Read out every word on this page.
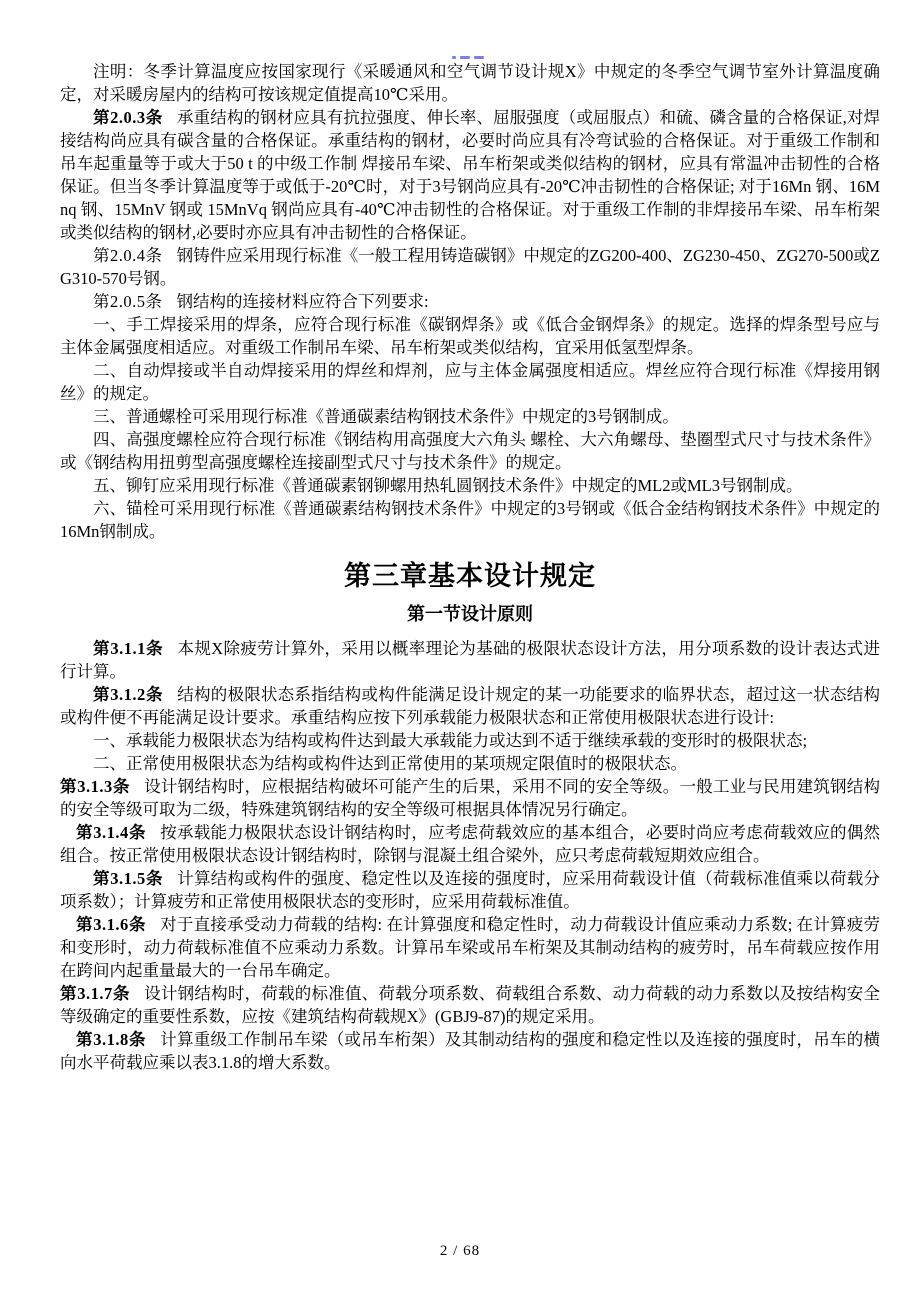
注明：冬季计算温度应按国家现行《采暖通风和空气调节设计规X》中规定的冬季空气调节室外计算温度确定，对采暖房屋内的结构可按该规定值提高10℃采用。

第2.0.3条 承重结构的钢材应具有抗拉强度、伸长率、屈服强度（或屈服点）和硫、磷含量的合格保证,对焊接结构尚应具有碳含量的合格保证。承重结构的钢材，必要时尚应具有冷弯试验的合格保证。对于重级工作制和吊车起重量等于或大于50 t 的中级工作制 焊接吊车梁、吊车桁架或类似结构的钢材，应具有常温冲击韧性的合格保证。但当冬季计算温度等于或低于-20℃时，对于3号钢尚应具有-20℃冲击韧性的合格保证; 对于16Mn 钢、16Mnq 钢、15MnV 钢或 15MnVq 钢尚应具有-40℃冲击韧性的合格保证。对于重级工作制的非焊接吊车梁、吊车桁架或类似结构的钢材,必要时亦应具有冲击韧性的合格保证。

第2.0.4条 钢铸件应采用现行标准《一般工程用铸造碳钢》中规定的ZG200-400、ZG230-450、ZG270-500或ZG310-570号钢。

第2.0.5条 钢结构的连接材料应符合下列要求:

一、手工焊接采用的焊条，应符合现行标准《碳钢焊条》或《低合金钢焊条》的规定。选择的焊条型号应与主体金属强度相适应。对重级工作制吊车梁、吊车桁架或类似结构，宜采用低氢型焊条。

二、自动焊接或半自动焊接采用的焊丝和焊剂，应与主体金属强度相适应。焊丝应符合现行标准《焊接用钢丝》的规定。

三、普通螺栓可采用现行标准《普通碳素结构钢技术条件》中规定的3号钢制成。

四、高强度螺栓应符合现行标准《钢结构用高强度大六角头 螺栓、大六角螺母、垫圈型式尺寸与技术条件》或《钢结构用扭剪型高强度螺栓连接副型式尺寸与技术条件》的规定。

五、铆钉应采用现行标准《普通碳素钢铆螺用热轧圆钢技术条件》中规定的ML2或ML3号钢制成。

六、锚栓可采用现行标准《普通碳素结构钢技术条件》中规定的3号钢或《低合金结构钢技术条件》中规定的16Mn钢制成。

第三章基本设计规定
第一节设计原则

第3.1.1条 本规X除疲劳计算外，采用以概率理论为基础的极限状态设计方法，用分项系数的设计表达式进行计算。

第3.1.2条 结构的极限状态系指结构或构件能满足设计规定的某一功能要求的临界状态，超过这一状态结构或构件便不再能满足设计要求。承重结构应按下列承载能力极限状态和正常使用极限状态进行设计:

一、承载能力极限状态为结构或构件达到最大承载能力或达到不适于继续承载的变形时的极限状态;

二、正常使用极限状态为结构或构件达到正常使用的某项规定限值时的极限状态。

第3.1.3条 设计钢结构时，应根据结构破坏可能产生的后果，采用不同的安全等级。一般工业与民用建筑钢结构的安全等级可取为二级，特殊建筑钢结构的安全等级可根据具体情况另行确定。

第3.1.4条 按承载能力极限状态设计钢结构时，应考虑荷载效应的基本组合，必要时尚应考虑荷载效应的偶然组合。按正常使用极限状态设计钢结构时，除钢与混凝土组合梁外，应只考虑荷载短期效应组合。

第3.1.5条 计算结构或构件的强度、稳定性以及连接的强度时，应采用荷载设计值（荷载标准值乘以荷载分项系数）；计算疲劳和正常使用极限状态的变形时，应采用荷载标准值。

第3.1.6条 对于直接承受动力荷载的结构: 在计算强度和稳定性时，动力荷载设计值应乘动力系数; 在计算疲劳和变形时，动力荷载标准值不应乘动力系数。计算吊车梁或吊车桁架及其制动结构的疲劳时，吊车荷载应按作用在跨间内起重量最大的一台吊车确定。

第3.1.7条 设计钢结构时，荷载的标准值、荷载分项系数、荷载组合系数、动力荷载的动力系数以及按结构安全等级确定的重要性系数，应按《建筑结构荷载规X》(GBJ9-87)的规定采用。

第3.1.8条 计算重级工作制吊车梁（或吊车桁架）及其制动结构的强度和稳定性以及连接的强度时，吊车的横向水平荷载应乘以表3.1.8的增大系数。

2 / 68
